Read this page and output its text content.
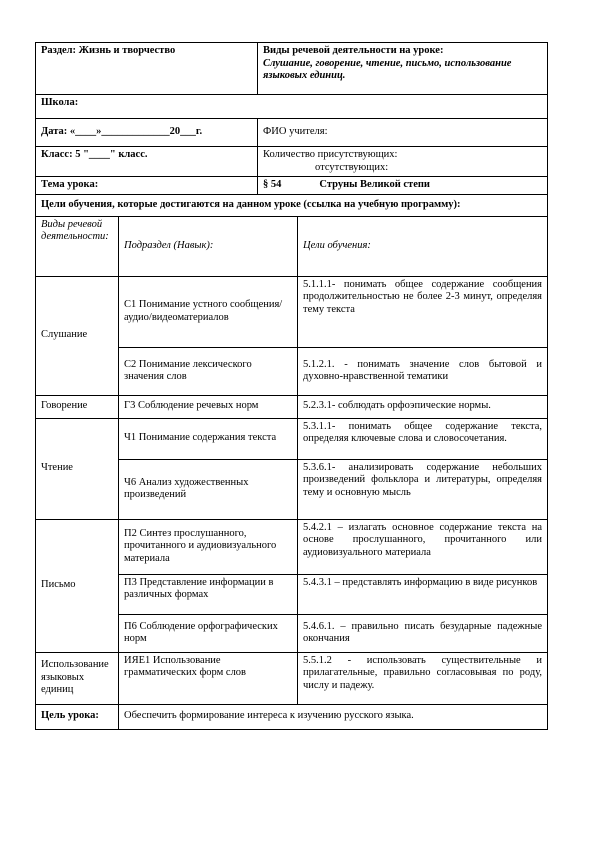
Раздел: Жизнь и творчество		Виды речевой деятельности на уроке:
Слушание, говорение, чтение, письмо, использование языковых единиц.	

Школа:			
Дата: «____»_____________20___г.		ФИО учителя:	
Класс: 5 "____" класс.		Количество присутствующих:
отсутствующих:	

Тема урока:		§ 54 Струны Великой степи	
Цели обучения, которые достигаются на данном уроке (ссылка на учебную программу):			
Виды речевой деятельности:	Подраздел (Навык):		Цели обучения:
Слушание	С1 Понимание устного сообщения/аудио/видеоматериалов		5.1.1.1- понимать общее содержание сообщения продолжительностью не более 2-3 минут, определяя тему текста
	С2 Понимание лексического значения слов		5.1.2.1. - понимать значение слов бытовой и духовно-нравственной тематики
Говорение	Г3 Соблюдение речевых норм		5.2.3.1- соблюдать орфоэпические нормы.
Чтение	Ч1 Понимание содержания текста		5.3.1.1- понимать общее содержание текста, определяя ключевые слова и словосочетания.
	Ч6 Анализ художественных произведений		5.3.6.1- анализировать содержание небольших произведений фольклора и литературы, определяя тему и основную мысль
Письмо	П2 Синтез прослушанного, прочитанного и аудиовизуального материала		5.4.2.1 – излагать основное содержание текста на основе прослушанного, прочитанного или аудиовизуального материала
	П3 Представление информации в различных формах		5.4.3.1 – представлять информацию в виде рисунков
	П6 Соблюдение орфографических норм		5.4.6.1. – правильно писать безударные падежные окончания
Использование языковых единиц	ИЯЕ1 Использование грамматических форм слов		5.5.1.2 - использовать существительные и прилагательные, правильно согласовывая по роду, числу и падежу.
Цель урока:	Обеспечить формирование интереса к изучению русского языка.		
